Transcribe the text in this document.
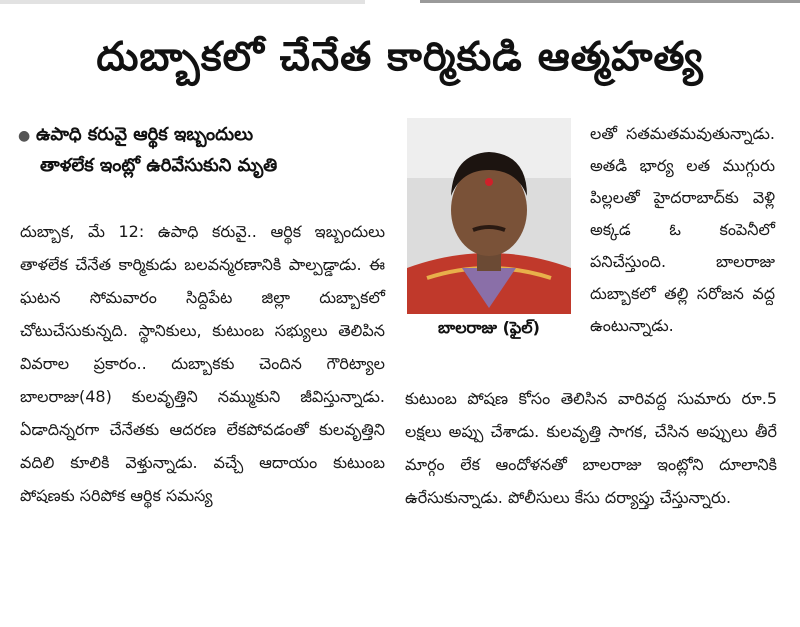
దుబ్బాకలో చేనేత కార్మికుడి ఆత్మహత్య
● ఉపాధి కరువై ఆర్థిక ఇబ్బందులు
తాళలేక ఇంట్లో ఉరివేసుకుని మృతి
దుబ్బాక, మే 12: ఉపాధి కరువై.. ఆర్థిక ఇబ్బందులు తాళలేక చేనేత కార్మికుడు బలవన్మరణానికి పాల్పడ్డాడు. ఈ ఘటన సోమవారం సిద్దిపేట జిల్లా దుబ్బాకలో చోటుచేసుకున్నది. స్థానికులు, కుటుంబ సభ్యులు తెలిపిన వివరాల ప్రకారం.. దుబ్బాకకు చెందిన గౌరిట్యాల బాలరాజు(48) కులవృత్తిని నమ్ముకుని జీవిస్తున్నాడు. ఏడాదిన్నరగా చేనేతకు ఆదరణ లేకపోవడంతో కులవృత్తిని వదిలి కూలికి వెళ్తున్నాడు. వచ్చే ఆదాయం కుటుంబ పోషణకు సరిపోక ఆర్థిక సమస్య
బాలరాజు (ఫైల్)
లతో సతమతమవుతున్నాడు. అతడి భార్య లత ముగ్గురు పిల్లలతో హైదరాబాద్‌కు వెళ్లి అక్కడ ఓ కంపెనీలో పనిచేస్తుంది. బాలరాజు దుబ్బాకలో తల్లి సరోజన వద్ద ఉంటున్నాడు.
కుటుంబ పోషణ కోసం తెలిసిన వారివద్ద సుమారు రూ.5 లక్షలు అప్పు చేశాడు. కులవృత్తి సాగక, చేసిన అప్పులు తీరే మార్గం లేక ఆందోళనతో బాలరాజు ఇంట్లోని దూలానికి ఉరేసుకున్నాడు. పోలీసులు కేసు దర్యాప్తు చేస్తున్నారు.
